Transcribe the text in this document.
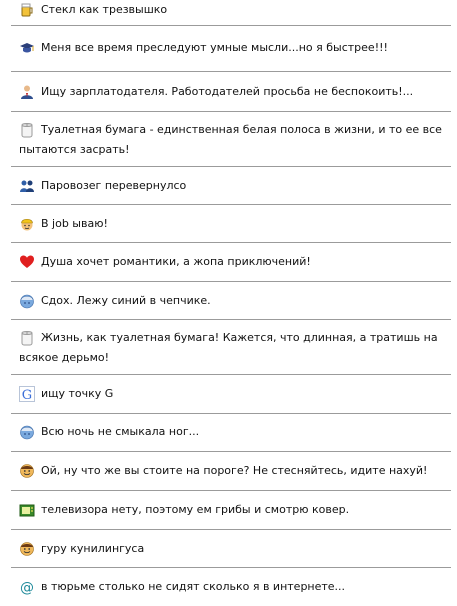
Стекл как трезвышко
Меня все время преследуют умные мысли...но я быстрее!!!
Ищу зарплатодателя. Работодателей просьба не беспокоить!...
Туалетная бумага - единственная белая полоса в жизни, и то ее все
пытаются засрать!
Паровозег перевернулсо
В job ываю!
Душа хочет романтики, а жопа приключений!
Сдох. Лежу синий в чепчике.
Жизнь, как туалетная бумага! Кажется, что длинная, а тратишь на
всякое дерьмо!
G ищу точку G
Всю ночь не смыкала ног...
Ой, ну что же вы стоите на пороге? Не стесняйтесь, идите нахуй!
телевизора нету, поэтому ем грибы и смотрю ковер.
гуру кунилингуса
@ в тюрьме столько не сидят сколько я в интернете...
